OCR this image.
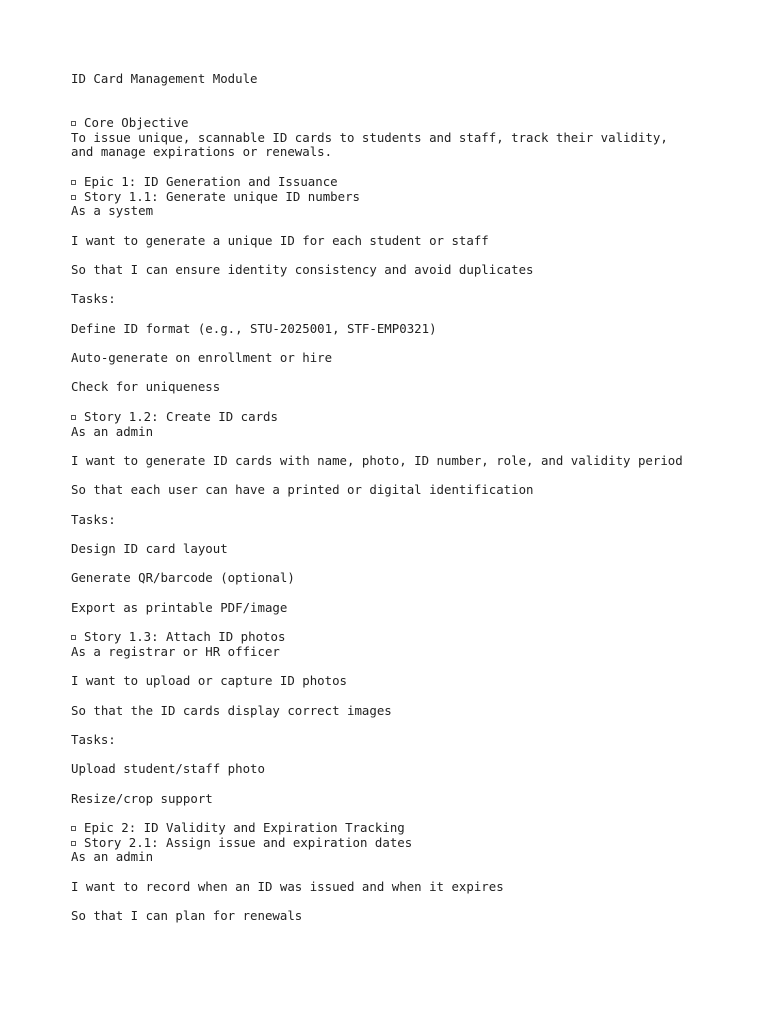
ID Card Management Module
Core Objective
To issue unique, scannable ID cards to students and staff, track their validity,
and manage expirations or renewals.
Epic 1: ID Generation and Issuance
Story 1.1: Generate unique ID numbers
As a system
I want to generate a unique ID for each student or staff
So that I can ensure identity consistency and avoid duplicates
Tasks:
Define ID format (e.g., STU-2025001, STF-EMP0321)
Auto-generate on enrollment or hire
Check for uniqueness
Story 1.2: Create ID cards
As an admin
I want to generate ID cards with name, photo, ID number, role, and validity period
So that each user can have a printed or digital identification
Tasks:
Design ID card layout
Generate QR/barcode (optional)
Export as printable PDF/image
Story 1.3: Attach ID photos
As a registrar or HR officer
I want to upload or capture ID photos
So that the ID cards display correct images
Tasks:
Upload student/staff photo
Resize/crop support
Epic 2: ID Validity and Expiration Tracking
Story 2.1: Assign issue and expiration dates
As an admin
I want to record when an ID was issued and when it expires
So that I can plan for renewals
